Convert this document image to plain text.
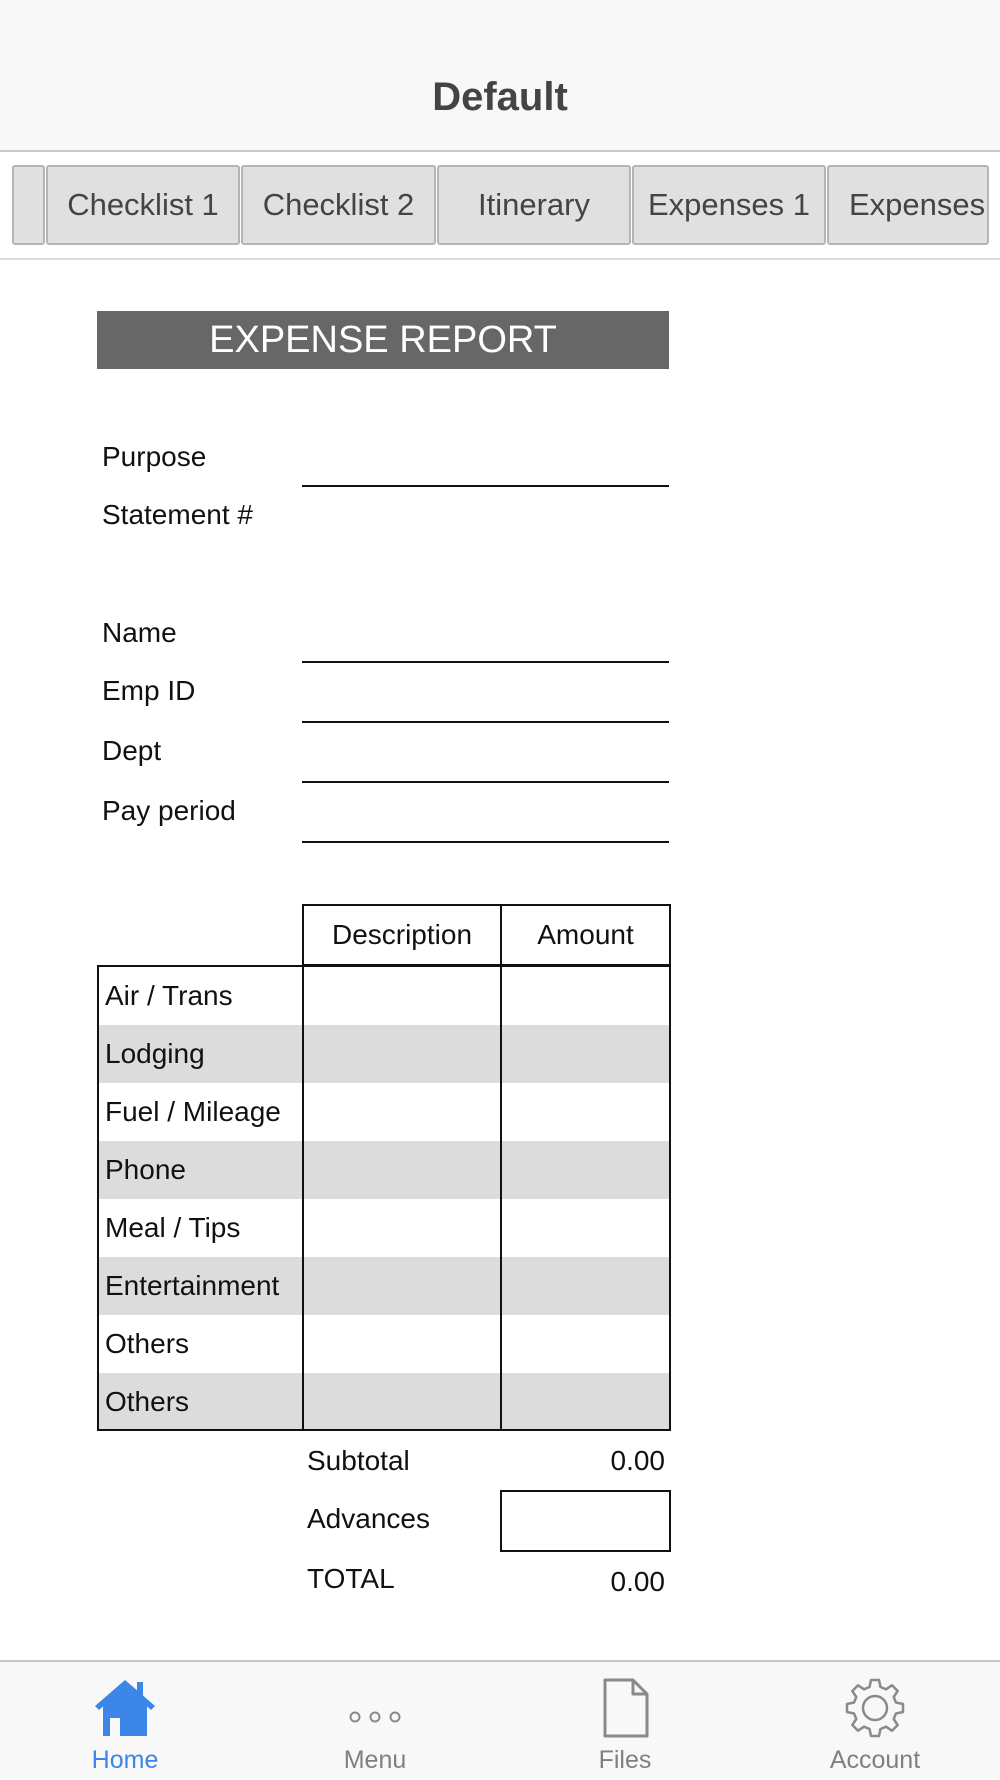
Default
Checklist 1	Checklist 2	Itinerary	Expenses 1	Expenses
EXPENSE REPORT
Purpose
Statement #
Name
Emp ID
Dept
Pay period
Description	Amount
Air / Trans
Lodging
Fuel / Mileage
Phone
Meal / Tips
Entertainment
Others
Others
Subtotal	0.00
Advances
TOTAL	0.00
Home	Menu	Files	Account
